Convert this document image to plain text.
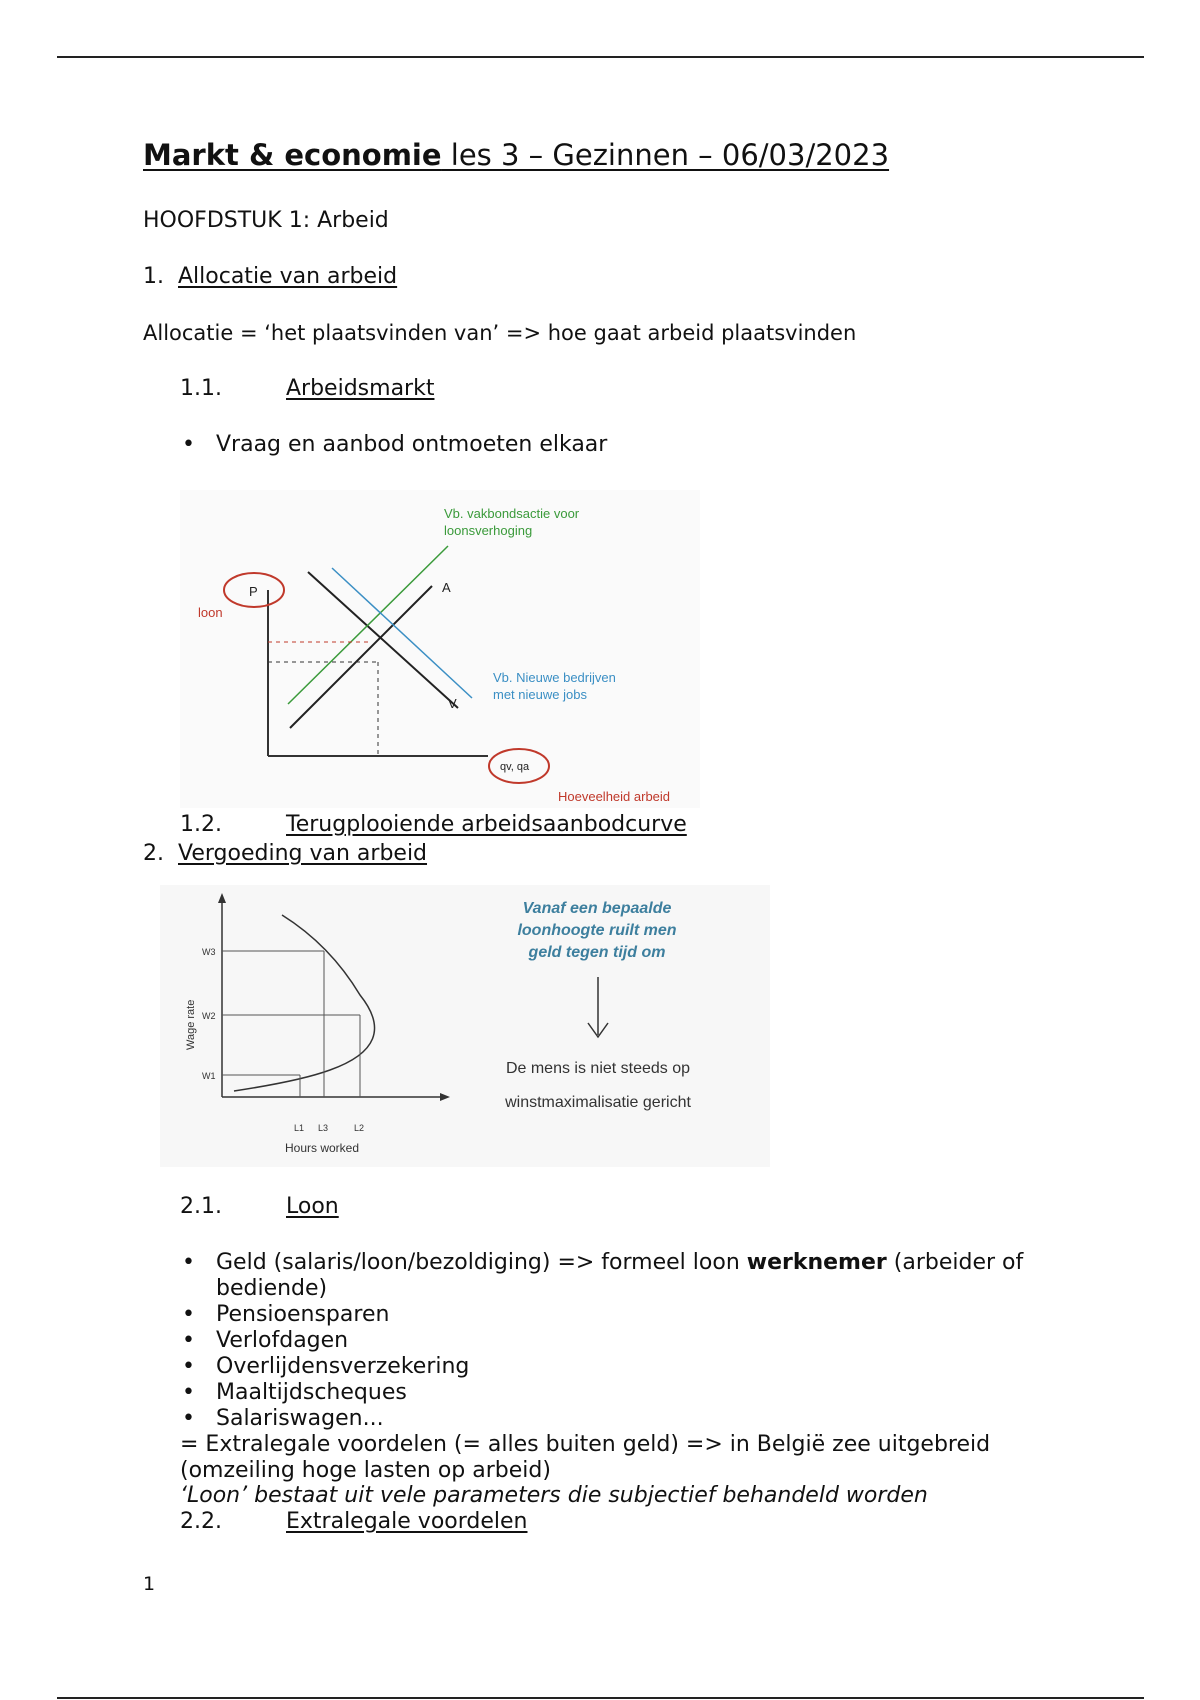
Markt & economie les 3 – Gezinnen – 06/03/2023
HOOFDSTUK 1: Arbeid
1. Allocatie van arbeid
Allocatie = ‘het plaatsvinden van’ => hoe gaat arbeid plaatsvinden
1.1.	Arbeidsmarkt
• Vraag en aanbod ontmoeten elkaar
P
loon
Vb. vakbondsactie voor
loonsverhoging
A
V
Vb. Nieuwe bedrijven
met nieuwe jobs
qv, qa
Hoeveelheid arbeid
1.2.	Terugplooiende arbeidsaanbodcurve
2. Vergoeding van arbeid
W3
W2
W1
L1 L3	L2
Hours worked
Wage rate
Vanaf een bepaalde
loonhoogte ruilt men
geld tegen tijd om
De mens is niet steeds op
winstmaximalisatie gericht
2.1.	Loon
• Geld (salaris/loon/bezoldiging) => formeel loon werknemer (arbeider of
bediende)
• Pensioensparen
• Verlofdagen
• Overlijdensverzekering
• Maaltijdscheques
• Salariswagen...
= Extralegale voordelen (= alles buiten geld) => in België zee uitgebreid
(omzeiling hoge lasten op arbeid)
‘Loon’ bestaat uit vele parameters die subjectief behandeld worden
2.2.	Extralegale voordelen
1
